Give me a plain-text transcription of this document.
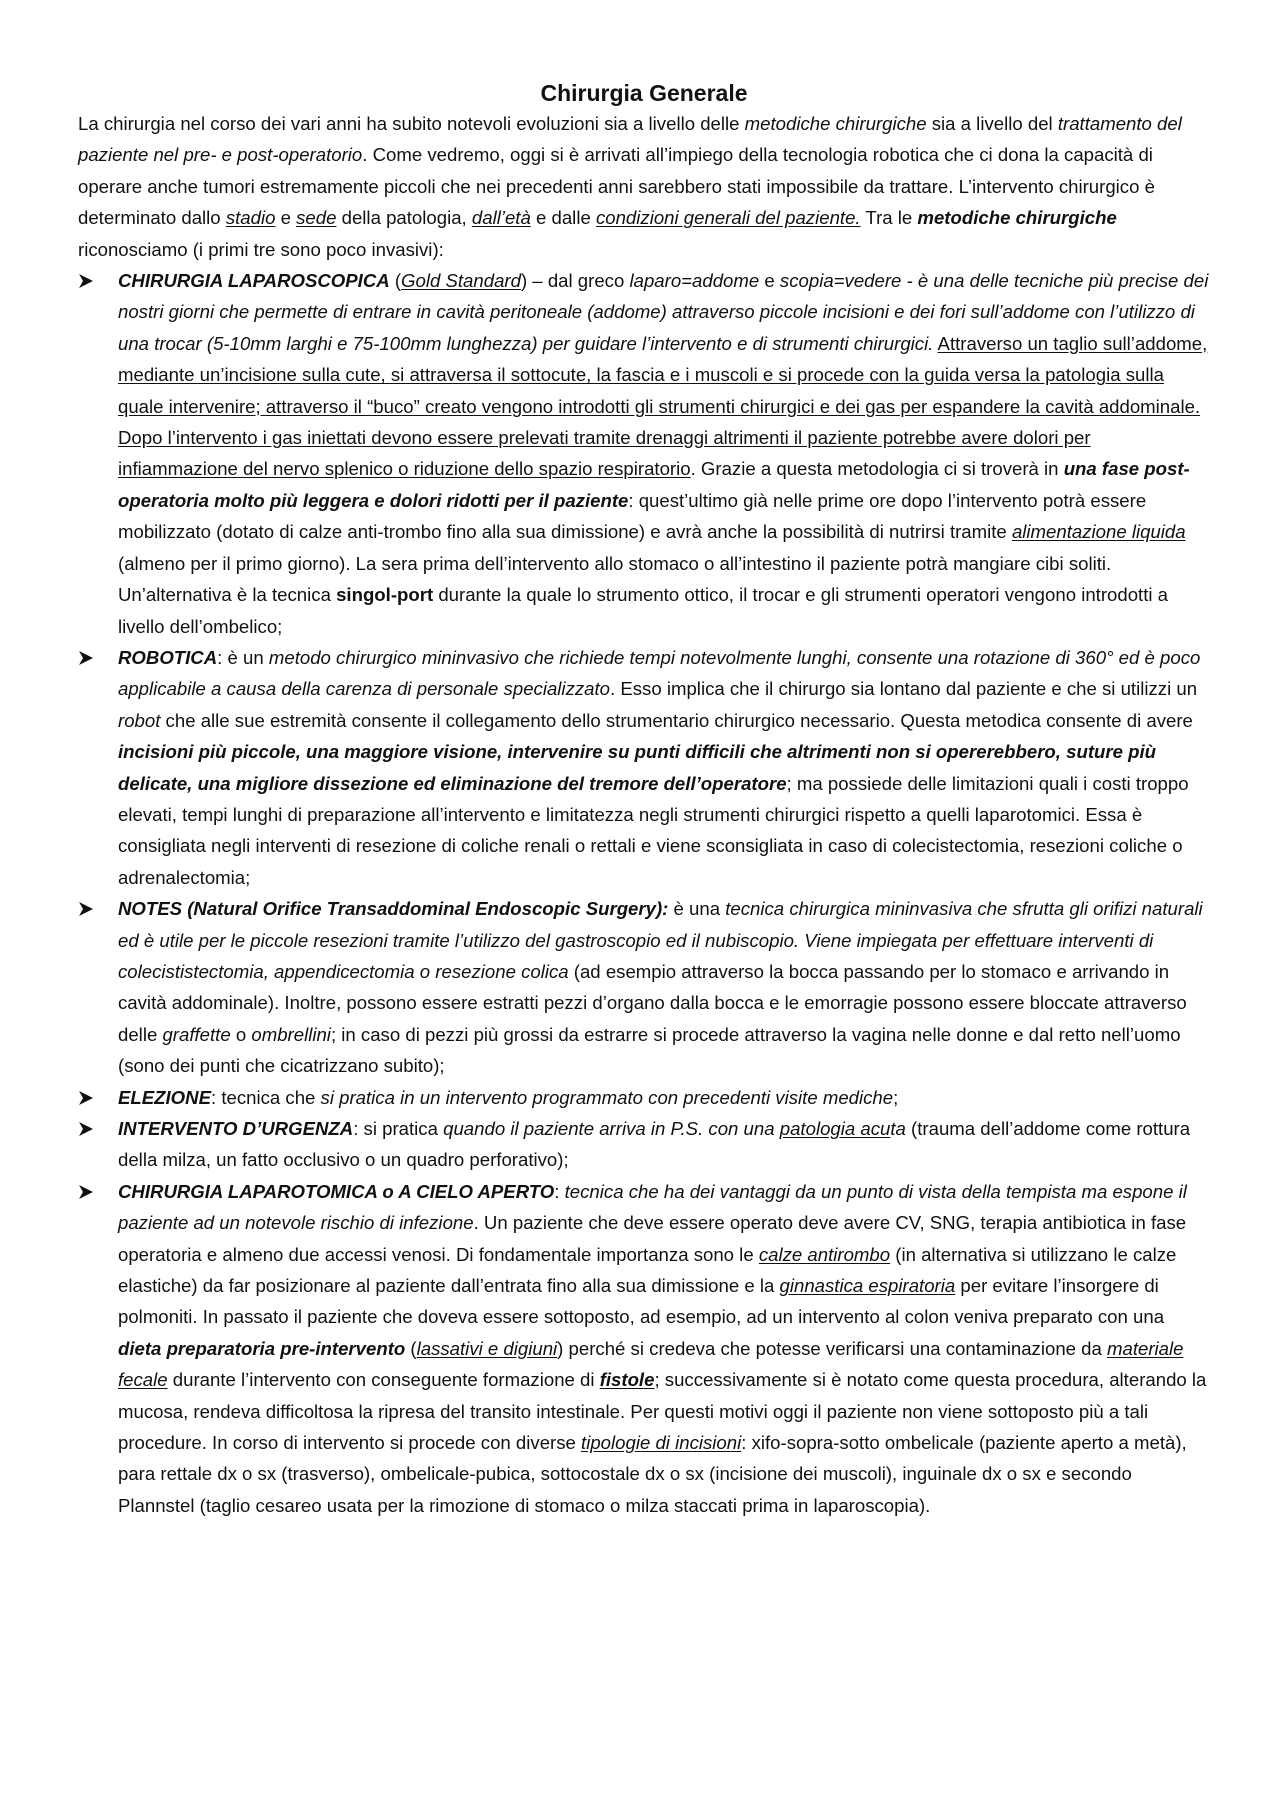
Chirurgia Generale

La chirurgia nel corso dei vari anni ha subito notevoli evoluzioni sia a livello delle metodiche chirurgiche sia a livello del trattamento del paziente nel pre- e post-operatorio. Come vedremo, oggi si è arrivati all’impiego della tecnologia robotica che ci dona la capacità di operare anche tumori estremamente piccoli che nei precedenti anni sarebbero stati impossibile da trattare. L’intervento chirurgico è determinato dallo stadio e sede della patologia, dall’età e dalle condizioni generali del paziente. Tra le metodiche chirurgiche riconosciamo (i primi tre sono poco invasivi):

CHIRURGIA LAPAROSCOPICA (Gold Standard) – dal greco laparo=addome e scopia=vedere - è una delle tecniche più precise dei nostri giorni che permette di entrare in cavità peritoneale (addome) attraverso piccole incisioni e dei fori sull’addome con l’utilizzo di una trocar (5-10mm larghi e 75-100mm lunghezza) per guidare l’intervento e di strumenti chirurgici. Attraverso un taglio sull’addome, mediante un’incisione sulla cute, si attraversa il sottocute, la fascia e i muscoli e si procede con la guida versa la patologia sulla quale intervenire; attraverso il “buco” creato vengono introdotti gli strumenti chirurgici e dei gas per espandere la cavità addominale. Dopo l’intervento i gas iniettati devono essere prelevati tramite drenaggi altrimenti il paziente potrebbe avere dolori per infiammazione del nervo splenico o riduzione dello spazio respiratorio. Grazie a questa metodologia ci si troverà in una fase post-operatoria molto più leggera e dolori ridotti per il paziente: quest’ultimo già nelle prime ore dopo l’intervento potrà essere mobilizzato (dotato di calze anti-trombo fino alla sua dimissione) e avrà anche la possibilità di nutrirsi tramite alimentazione liquida (almeno per il primo giorno). La sera prima dell’intervento allo stomaco o all’intestino il paziente potrà mangiare cibi soliti. Un’alternativa è la tecnica singol-port durante la quale lo strumento ottico, il trocar e gli strumenti operatori vengono introdotti a livello dell’ombelico;
ROBOTICA: è un metodo chirurgico mininvasivo che richiede tempi notevolmente lunghi, consente una rotazione di 360° ed è poco applicabile a causa della carenza di personale specializzato. Esso implica che il chirurgo sia lontano dal paziente e che si utilizzi un robot che alle sue estremità consente il collegamento dello strumentario chirurgico necessario. Questa metodica consente di avere incisioni più piccole, una maggiore visione, intervenire su punti difficili che altrimenti non si opererebbero, suture più delicate, una migliore dissezione ed eliminazione del tremore dell’operatore; ma possiede delle limitazioni quali i costi troppo elevati, tempi lunghi di preparazione all’intervento e limitatezza negli strumenti chirurgici rispetto a quelli laparotomici. Essa è consigliata negli interventi di resezione di coliche renali o rettali e viene sconsigliata in caso di colecistectomia, resezioni coliche o adrenalectomia;
NOTES (Natural Orifice Transaddominal Endoscopic Surgery): è una tecnica chirurgica mininvasiva che sfrutta gli orifizi naturali ed è utile per le piccole resezioni tramite l’utilizzo del gastroscopio ed il nubiscopio. Viene impiegata per effettuare interventi di colecististectomia, appendicectomia o resezione colica (ad esempio attraverso la bocca passando per lo stomaco e arrivando in cavità addominale). Inoltre, possono essere estratti pezzi d’organo dalla bocca e le emorragie possono essere bloccate attraverso delle graffette o ombrellini; in caso di pezzi più grossi da estrarre si procede attraverso la vagina nelle donne e dal retto nell’uomo (sono dei punti che cicatrizzano subito);
ELEZIONE: tecnica che si pratica in un intervento programmato con precedenti visite mediche;
INTERVENTO D’URGENZA: si pratica quando il paziente arriva in P.S. con una patologia acuta (trauma dell’addome come rottura della milza, un fatto occlusivo o un quadro perforativo);
CHIRURGIA LAPAROTOMICA o A CIELO APERTO: tecnica che ha dei vantaggi da un punto di vista della tempista ma espone il paziente ad un notevole rischio di infezione. Un paziente che deve essere operato deve avere CV, SNG, terapia antibiotica in fase operatoria e almeno due accessi venosi. Di fondamentale importanza sono le calze antirombo (in alternativa si utilizzano le calze elastiche) da far posizionare al paziente dall’entrata fino alla sua dimissione e la ginnastica espiratoria per evitare l’insorgere di polmoniti. In passato il paziente che doveva essere sottoposto, ad esempio, ad un intervento al colon veniva preparato con una dieta preparatoria pre-intervento (lassativi e digiuni) perché si credeva che potesse verificarsi una contaminazione da materiale fecale durante l’intervento con conseguente formazione di fistole; successivamente si è notato come questa procedura, alterando la mucosa, rendeva difficoltosa la ripresa del transito intestinale. Per questi motivi oggi il paziente non viene sottoposto più a tali procedure. In corso di intervento si procede con diverse tipologie di incisioni: xifo-sopra-sotto ombelicale (paziente aperto a metà), para rettale dx o sx (trasverso), ombelicale-pubica, sottocostale dx o sx (incisione dei muscoli), inguinale dx o sx e secondo Plannstel (taglio cesareo usata per la rimozione di stomaco o milza staccati prima in laparoscopia).
